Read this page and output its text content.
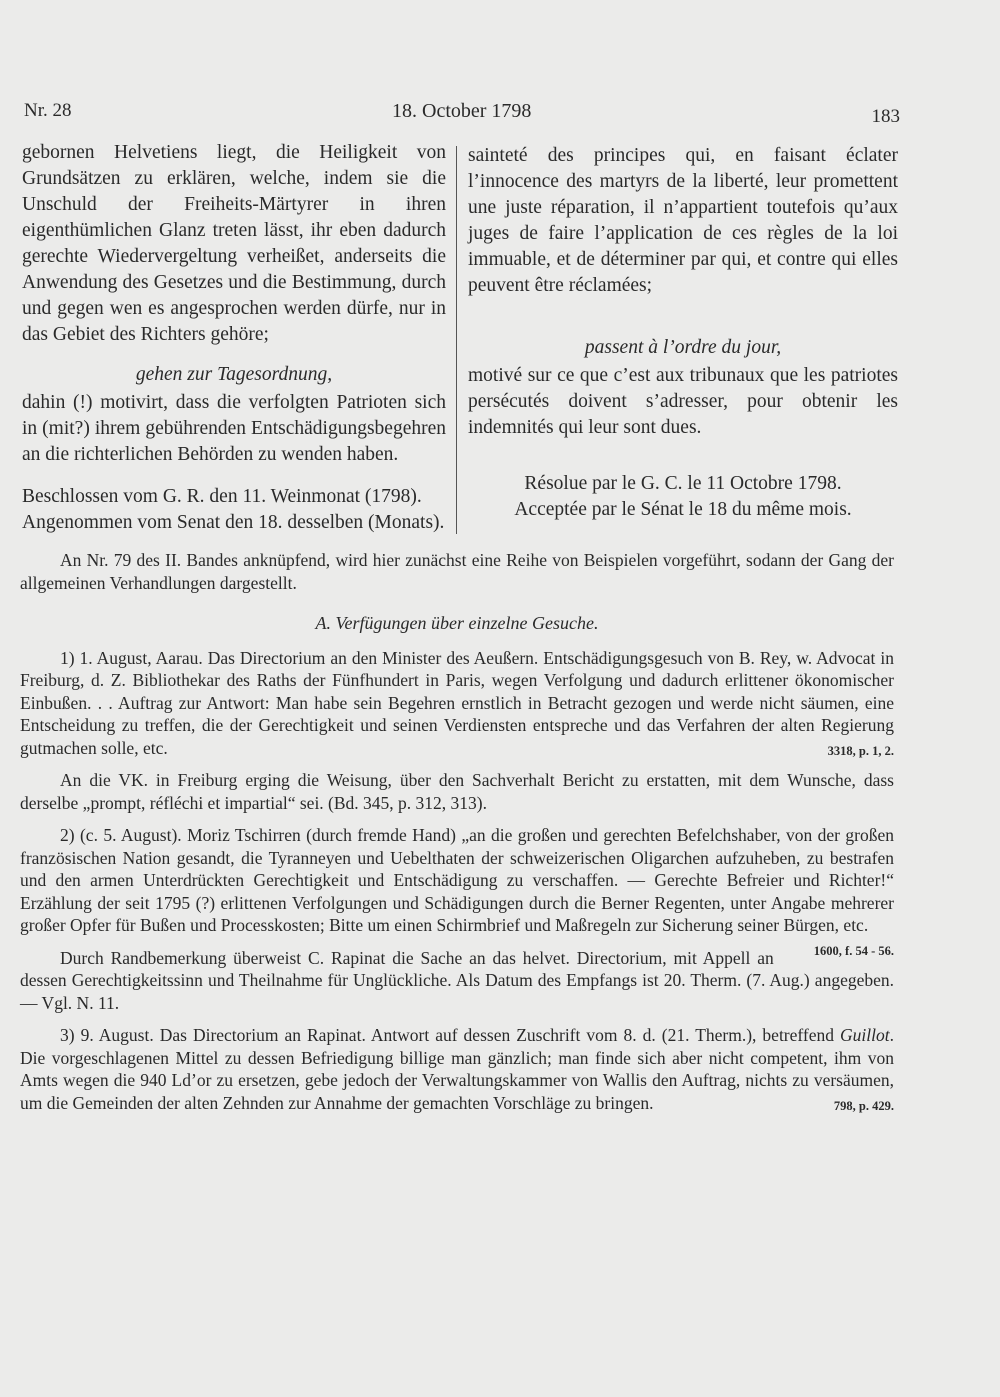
Nr. 28	18. October 1798	183

gebornen Helvetiens liegt, die Heiligkeit von Grundsätzen zu erklären, welche, indem sie die Unschuld der Freiheits-Märtyrer in ihren eigenthümlichen Glanz treten lässt, ihr eben dadurch gerechte Wiedervergeltung verheißet, anderseits die Anwendung des Gesetzes und die Bestimmung, durch und gegen wen es angesprochen werden dürfe, nur in das Gebiet des Richters gehöre;

gehen zur Tagesordnung,

dahin (!) motivirt, dass die verfolgten Patrioten sich in (mit?) ihrem gebührenden Entschädigungsbegehren an die richterlichen Behörden zu wenden haben.

Beschlossen vom G. R. den 11. Weinmonat (1798).

Angenommen vom Senat den 18. desselben (Monats).

sainteté des principes qui, en faisant éclater l’innocence des martyrs de la liberté, leur promettent une juste réparation, il n’appartient toutefois qu’aux juges de faire l’application de ces règles de la loi immuable, et de déterminer par qui, et contre qui elles peuvent être réclamées;

passent à l’ordre du jour,

motivé sur ce que c’est aux tribunaux que les patriotes persécutés doivent s’adresser, pour obtenir les indemnités qui leur sont dues.

Résolue par le G. C. le 11 Octobre 1798.

Acceptée par le Sénat le 18 du même mois.

An Nr. 79 des II. Bandes anknüpfend, wird hier zunächst eine Reihe von Beispielen vorgeführt, sodann der Gang der allgemeinen Verhandlungen dargestellt.

A. Verfügungen über einzelne Gesuche.

1) 1. August, Aarau. Das Directorium an den Minister des Aeußern. Entschädigungsgesuch von B. Rey, w. Advocat in Freiburg, d. Z. Bibliothekar des Raths der Fünfhundert in Paris, wegen Verfolgung und dadurch erlittener ökonomischer Einbußen. . . Auftrag zur Antwort: Man habe sein Begehren ernstlich in Betracht gezogen und werde nicht säumen, eine Entscheidung zu treffen, die der Gerechtigkeit und seinen Verdiensten entspreche und das Verfahren der alten Regierung gutmachen solle, etc.	3318, p. 1, 2.

An die VK. in Freiburg erging die Weisung, über den Sachverhalt Bericht zu erstatten, mit dem Wunsche, dass derselbe „prompt, réfléchi et impartial“ sei. (Bd. 345, p. 312, 313).

2) (c. 5. August). Moriz Tschirren (durch fremde Hand) „an die großen und gerechten Befelchshaber, von der großen französischen Nation gesandt, die Tyranneyen und Uebelthaten der schweizerischen Oligarchen aufzuheben, zu bestrafen und den armen Unterdrückten Gerechtigkeit und Entschädigung zu verschaffen. — Gerechte Befreier und Richter!“ Erzählung der seit 1795 (?) erlittenen Verfolgungen und Schädigungen durch die Berner Regenten, unter Angabe mehrerer großer Opfer für Bußen und Processkosten; Bitte um einen Schirmbrief und Maßregeln zur Sicherung seiner Bürgen, etc.
1600, f. 54 - 56.

Durch Randbemerkung überweist C. Rapinat die Sache an das helvet. Directorium, mit Appell an dessen Gerechtigkeitssinn und Theilnahme für Unglückliche. Als Datum des Empfangs ist 20. Therm. (7. Aug.) angegeben. — Vgl. N. 11.

3) 9. August. Das Directorium an Rapinat. Antwort auf dessen Zuschrift vom 8. d. (21. Therm.), betreffend Guillot. Die vorgeschlagenen Mittel zu dessen Befriedigung billige man gänzlich; man finde sich aber nicht competent, ihm von Amts wegen die 940 Ld’or zu ersetzen, gebe jedoch der Verwaltungskammer von Wallis den Auftrag, nichts zu versäumen, um die Gemeinden der alten Zehnden zur Annahme der gemachten Vorschläge zu bringen.	798, p. 429.
